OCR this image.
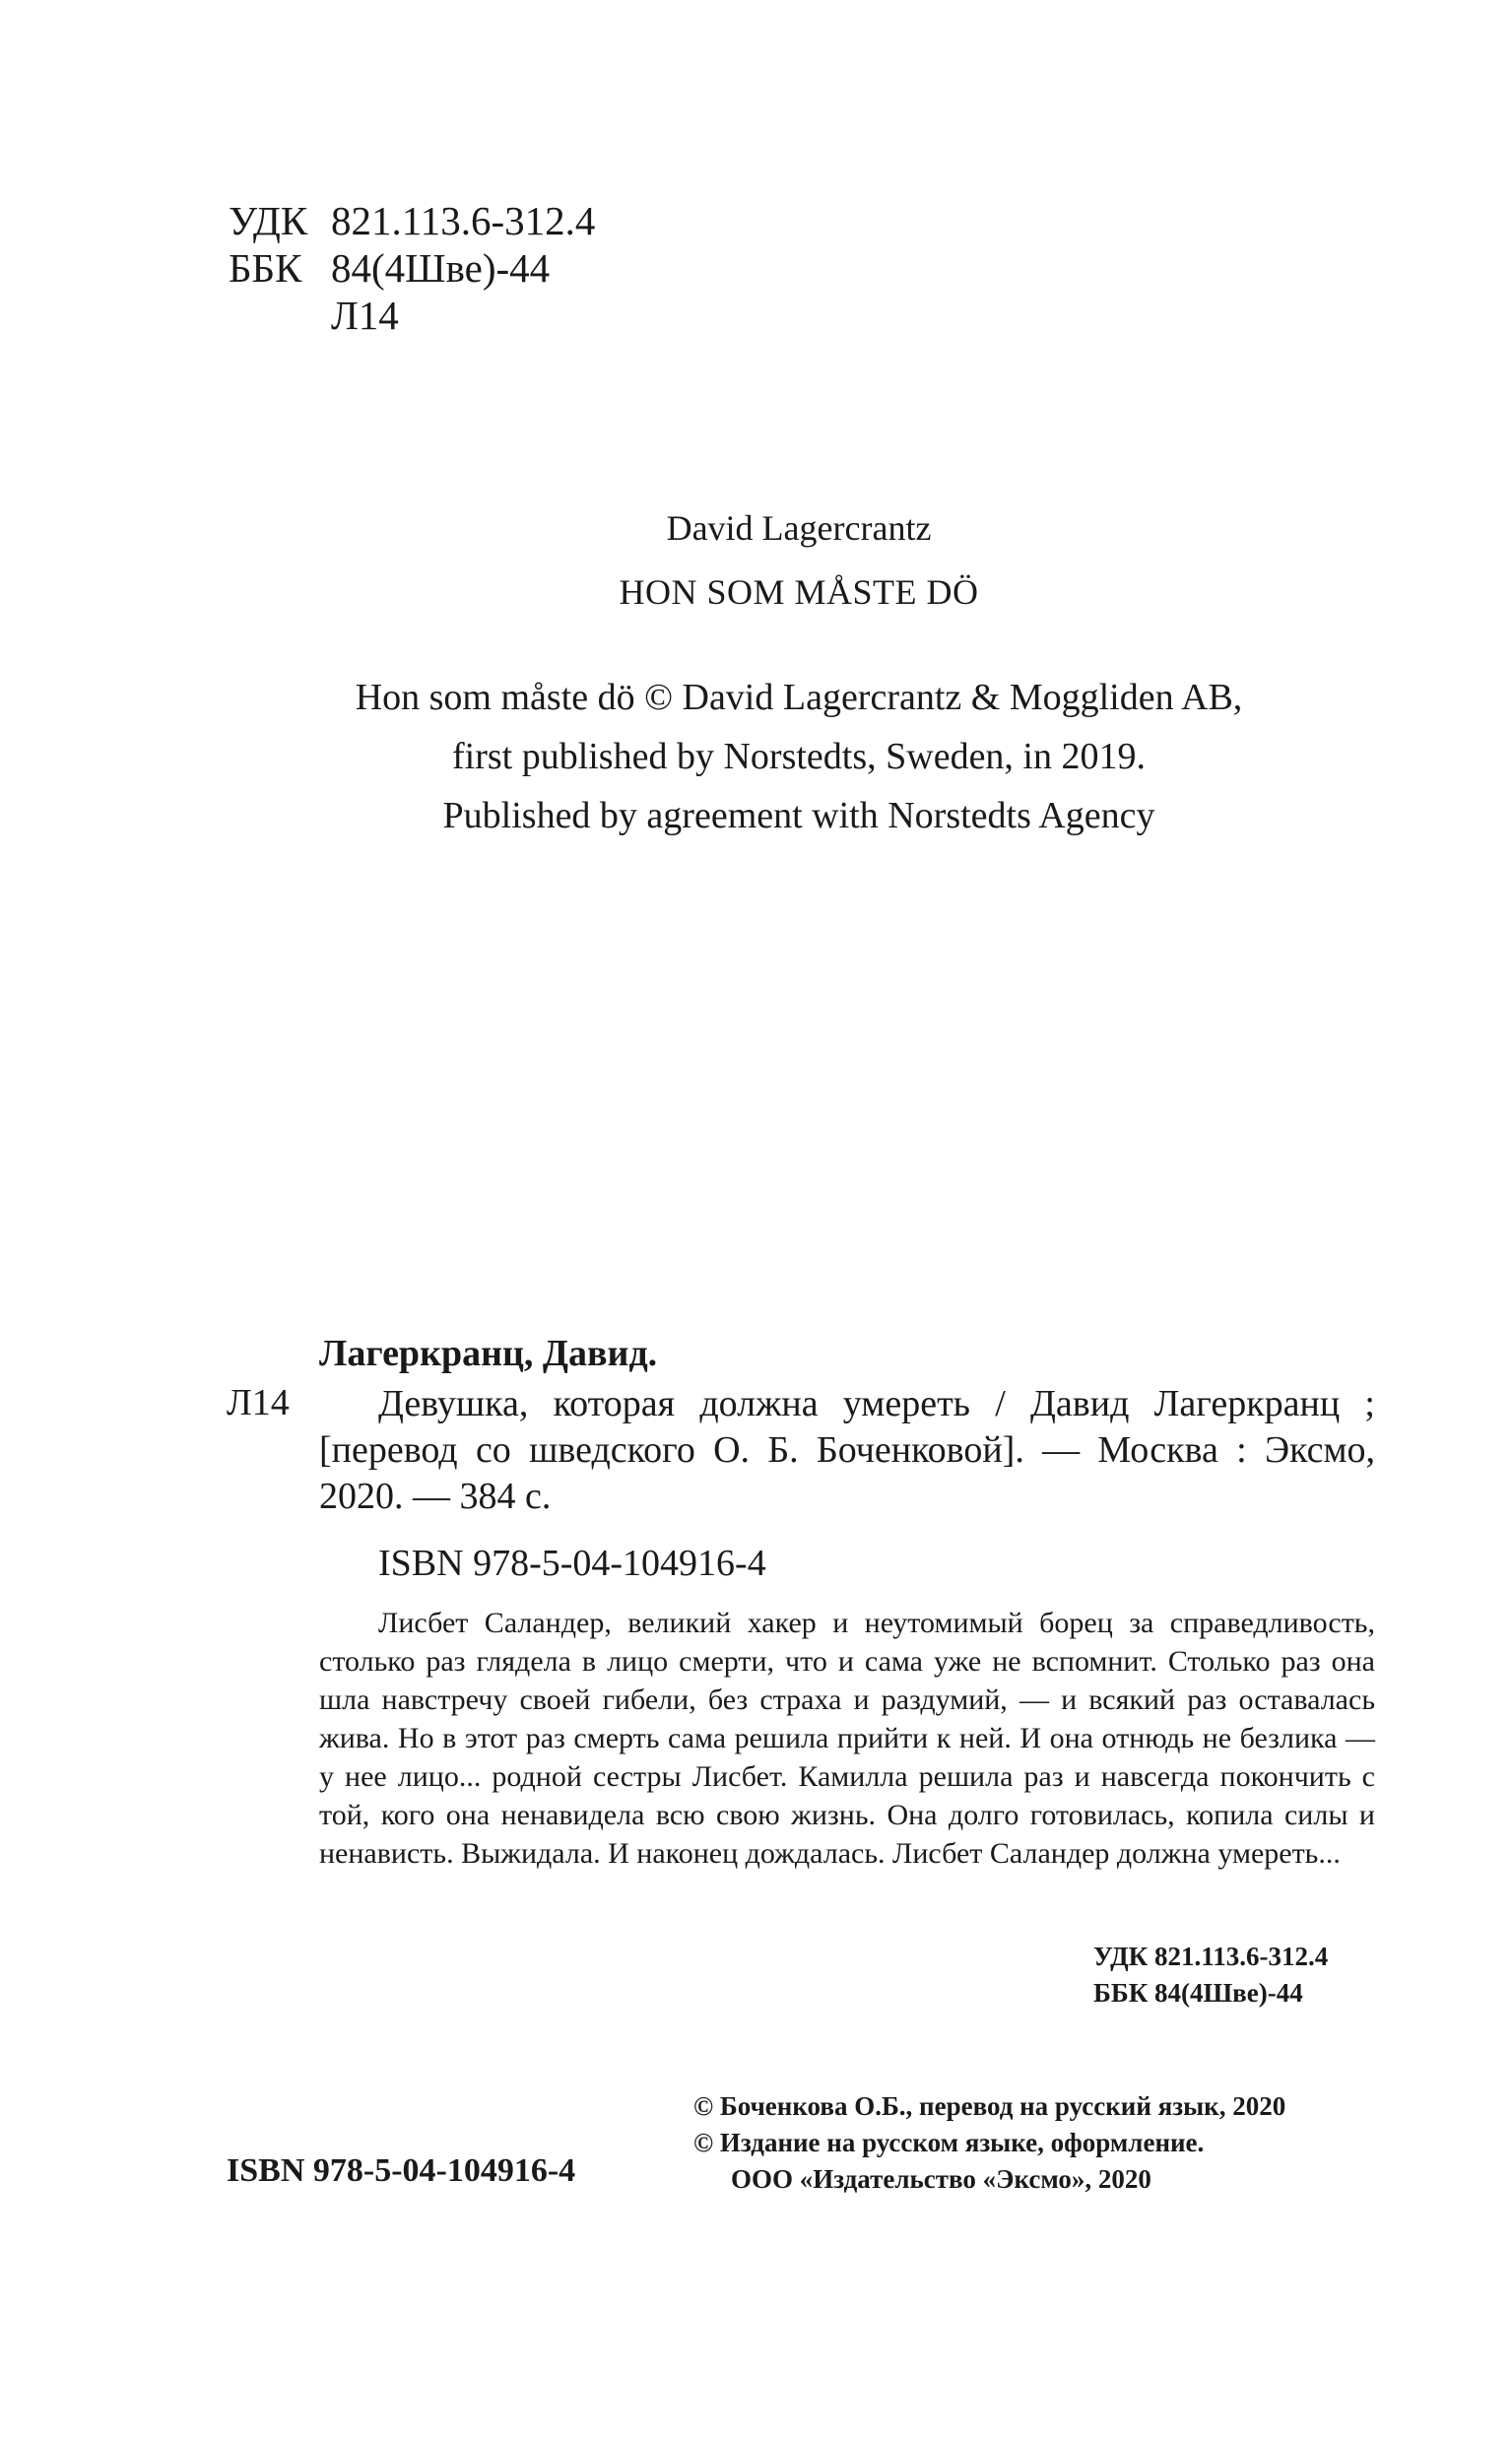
УДК 821.113.6-312.4
ББК 84(4Шве)-44
Л14
David Lagercrantz
HON SOM MÅSTE DÖ
Hon som måste dö © David Lagercrantz & Moggliden AB,
first published by Norstedts, Sweden, in 2019.
Published by agreement with Norstedts Agency
Лагеркранц, Давид.
Л14	Девушка, которая должна умереть / Давид Лагеркранц ; [перевод со шведского О. Б. Боченковой]. — Москва : Эксмо, 2020. — 384 с.
ISBN 978-5-04-104916-4
Лисбет Саландер, великий хакер и неутомимый борец за справедливость, столько раз глядела в лицо смерти, что и сама уже не вспомнит. Столько раз она шла навстречу своей гибели, без страха и раздумий, — и всякий раз оставалась жива. Но в этот раз смерть сама решила прийти к ней. И она отнюдь не безлика — у нее лицо... родной сестры Лисбет. Камилла решила раз и навсегда покончить с той, кого она ненавидела всю свою жизнь. Она долго готовилась, копила силы и ненависть. Выжидала. И наконец дождалась. Лисбет Саландер должна умереть...
УДК 821.113.6-312.4
ББК 84(4Шве)-44
© Боченкова О.Б., перевод на русский язык, 2020
© Издание на русском языке, оформление.
ООО «Издательство «Эксмо», 2020
ISBN 978-5-04-104916-4
